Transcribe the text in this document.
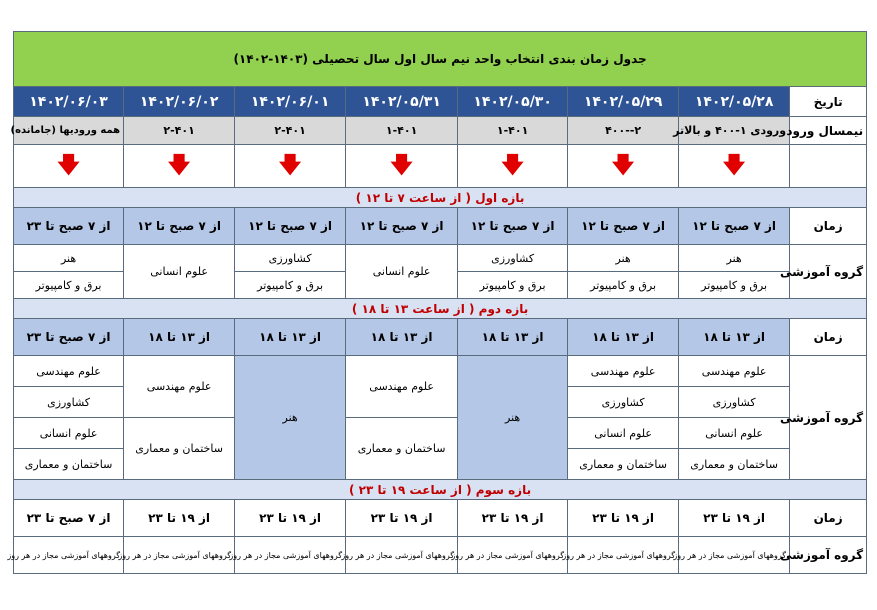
جدول زمان بندی انتخاب واحد نیم سال اول سال تحصیلی (۱۴۰۳-۱۴۰۲)							
تاریخ	۱۴۰۲/۰۵/۲۸	۱۴۰۲/۰۵/۲۹	۱۴۰۲/۰۵/۳۰	۱۴۰۲/۰۵/۳۱	۱۴۰۲/۰۶/۰۱	۱۴۰۲/۰۶/۰۲	۱۴۰۲/۰۶/۰۳
نیمسال ورود	ورودی ۱-۴۰۰ و بالاتر	۲--۴۰۰	۱-۴۰۱	۱-۴۰۱	۲-۴۰۱	۲-۴۰۱	همه ورودیها (جامانده)
	🡇	🡇	🡇	🡇	🡇	🡇	🡇
بازه اول ( از ساعت ۷ تا ۱۲ )							
زمان	از ۷ صبح تا ۱۲	از ۷ صبح تا ۱۲	از ۷ صبح تا ۱۲	از ۷ صبح تا ۱۲	از ۷ صبح تا ۱۲	از ۷ صبح تا ۱۲	از ۷ صبح تا ۲۳
گروه آموزشی	هنر	هنر	کشاورزی	علوم انسانی	کشاورزی	علوم انسانی	هنر
	برق و کامپیوتر	برق و کامپیوتر	برق و کامپیوتر		برق و کامپیوتر		برق و کامپیوتر
بازه دوم ( از ساعت ۱۳ تا ۱۸ )							
زمان	از ۱۳ تا ۱۸	از ۱۳ تا ۱۸	از ۱۳ تا ۱۸	از ۱۳ تا ۱۸	از ۱۳ تا ۱۸	از ۱۳ تا ۱۸	از ۷ صبح تا ۲۳
گروه آموزشی	علوم مهندسی	علوم مهندسی	هنر	علوم مهندسی	هنر	علوم مهندسی	علوم مهندسی
	کشاورزی	کشاورزی					کشاورزی
	علوم انسانی	علوم انسانی		ساختمان و معماری		ساختمان و معماری	علوم انسانی
	ساختمان و معماری	ساختمان و معماری					ساختمان و معماری
بازه سوم ( از ساعت ۱۹ تا ۲۳ )							
زمان	از ۱۹ تا ۲۳	از ۱۹ تا ۲۳	از ۱۹ تا ۲۳	از ۱۹ تا ۲۳	از ۱۹ تا ۲۳	از ۱۹ تا ۲۳	از ۷ صبح تا ۲۳
گروه آموزشی	گروههای آموزشی مجاز در هر روز	گروههای آموزشی مجاز در هر روز	گروههای آموزشی مجاز در هر روز	گروههای آموزشی مجاز در هر روز	گروههای آموزشی مجاز در هر روز	گروههای آموزشی مجاز در هر روز	گروههای آموزشی مجاز در هر روز
